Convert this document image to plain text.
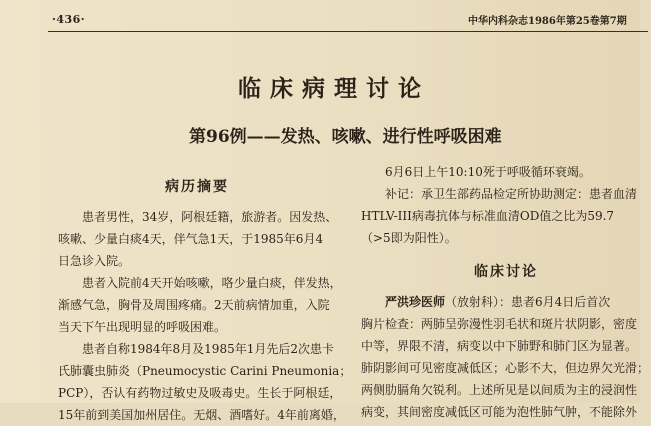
·436·	中华内科杂志1986年第25卷第7期
临床病理讨论
第96例——发热、咳嗽、进行性呼吸困难
病历摘要
患者男性，34岁，阿根廷籍，旅游者。因发热、
咳嗽、少量白痰4天，伴气急1天，于1985年6月4
日急诊入院。
患者入院前4天开始咳嗽，咯少量白痰，伴发热，
渐感气急，胸骨及周围疼痛。2天前病情加重，入院
当天下午出现明显的呼吸困难。
患者自称1984年8月及1985年1月先后2次患卡
氏肺囊虫肺炎（Pneumocystic Carini Pneumonia；
PCP），否认有药物过敏史及吸毒史。生长于阿根廷，
15年前到美国加州居住。无烟、酒嗜好。4年前离婚，
6月6日上午10:10死于呼吸循环衰竭。
补记：承卫生部药品检定所协助测定：患者血清
HTLV-III病毒抗体与标准血清OD值之比为59.7
（>5即为阳性）。
临床讨论
严洪珍医师（放射科）：患者6月4日后首次
胸片检查：两肺呈弥漫性羽毛状和斑片状阴影，密度
中等，界限不清，病变以中下肺野和肺门区为显著。
肺阴影间可见密度减低区；心影不大，但边界欠光滑；
两侧肋膈角欠锐利。上述所见是以间质为主的浸润性
病变，其间密度减低区可能为泡性肺气肿，不能除外
